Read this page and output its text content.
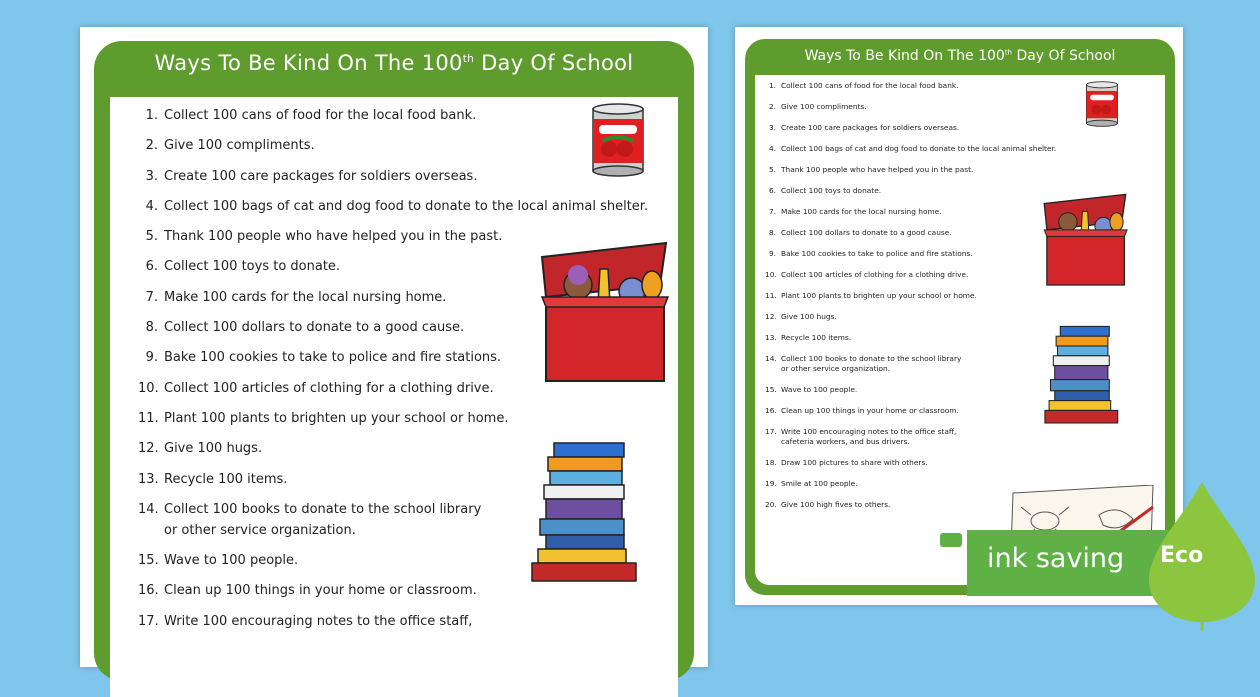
Ways To Be Kind On The 100th Day Of School
1. Collect 100 cans of food for the local food bank.
2. Give 100 compliments.
3. Create 100 care packages for soldiers overseas.
4. Collect 100 bags of cat and dog food to donate to the local animal shelter.
5. Thank 100 people who have helped you in the past.
6. Collect 100 toys to donate.
7. Make 100 cards for the local nursing home.
8. Collect 100 dollars to donate to a good cause.
9. Bake 100 cookies to take to police and fire stations.
10. Collect 100 articles of clothing for a clothing drive.
11. Plant 100 plants to brighten up your school or home.
12. Give 100 hugs.
13. Recycle 100 items.
14. Collect 100 books to donate to the school library
or other service organization.
15. Wave to 100 people.
16. Clean up 100 things in your home or classroom.
17. Write 100 encouraging notes to the office staff,
Ways To Be Kind On The 100th Day Of School
1. Collect 100 cans of food for the local food bank.
2. Give 100 compliments.
3. Create 100 care packages for soldiers overseas.
4. Collect 100 bags of cat and dog food to donate to the local animal shelter.
5. Thank 100 people who have helped you in the past.
6. Collect 100 toys to donate.
7. Make 100 cards for the local nursing home.
8. Collect 100 dollars to donate to a good cause.
9. Bake 100 cookies to take to police and fire stations.
10. Collect 100 articles of clothing for a clothing drive.
11. Plant 100 plants to brighten up your school or home.
12. Give 100 hugs.
13. Recycle 100 items.
14. Collect 100 books to donate to the school library
or other service organization.
15. Wave to 100 people.
16. Clean up 100 things in your home or classroom.
17. Write 100 encouraging notes to the office staff,
cafeteria workers, and bus drivers.
18. Draw 100 pictures to share with others.
19. Smile at 100 people.
20. Give 100 high fives to others.
ink saving Eco
